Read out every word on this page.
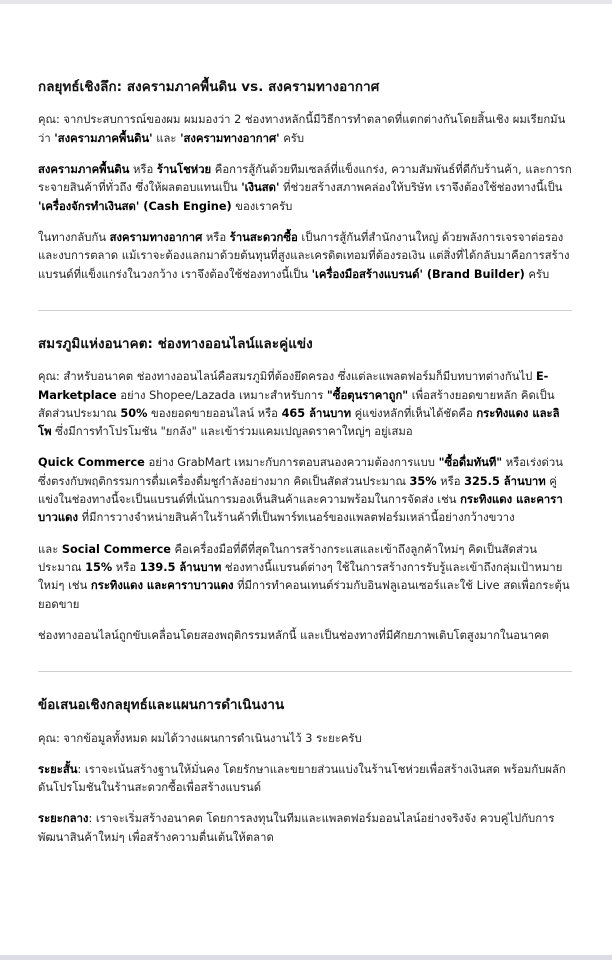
กลยุทธ์เชิงลึก: สงครามภาคพื้นดิน vs. สงครามทางอากาศ

คุณ: จากประสบการณ์ของผม ผมมองว่า 2 ช่องทางหลักนี้มีวิธีการทำตลาดที่แตกต่างกันโดยสิ้นเชิง ผมเรียกมันว่า 'สงครามภาคพื้นดิน' และ 'สงครามทางอากาศ' ครับ

สงครามภาคพื้นดิน หรือ ร้านโชห่วย คือการสู้กันด้วยทีมเซลล์ที่แข็งแกร่ง, ความสัมพันธ์ที่ดีกับร้านค้า, และการกระจายสินค้าที่ทั่วถึง ซึ่งให้ผลตอบแทนเป็น 'เงินสด' ที่ช่วยสร้างสภาพคล่องให้บริษัท เราจึงต้องใช้ช่องทางนี้เป็น 'เครื่องจักรทำเงินสด' (Cash Engine) ของเราครับ

ในทางกลับกัน สงครามทางอากาศ หรือ ร้านสะดวกซื้อ เป็นการสู้กันที่สำนักงานใหญ่ ด้วยพลังการเจรจาต่อรองและงบการตลาด แม้เราจะต้องแลกมาด้วยต้นทุนที่สูงและเครดิตเทอมที่ต้องรอเงิน แต่สิ่งที่ได้กลับมาคือการสร้างแบรนด์ที่แข็งแกร่งในวงกว้าง เราจึงต้องใช้ช่องทางนี้เป็น 'เครื่องมือสร้างแบรนด์' (Brand Builder) ครับ

สมรภูมิแห่งอนาคต: ช่องทางออนไลน์และคู่แข่ง

คุณ: สำหรับอนาคต ช่องทางออนไลน์คือสมรภูมิที่ต้องยึดครอง ซึ่งแต่ละแพลตฟอร์มก็มีบทบาทต่างกันไป E-Marketplace อย่าง Shopee/Lazada เหมาะสำหรับการ "ซื้อตุนราคาถูก" เพื่อสร้างยอดขายหลัก คิดเป็นสัดส่วนประมาณ 50% ของยอดขายออนไลน์ หรือ 465 ล้านบาท คู่แข่งหลักที่เห็นได้ชัดคือ กระทิงแดง และลิโพ ซึ่งมีการทำโปรโมชัน "ยกลัง" และเข้าร่วมแคมเปญลดราคาใหญ่ๆ อยู่เสมอ

Quick Commerce อย่าง GrabMart เหมาะกับการตอบสนองความต้องการแบบ "ซื้อดื่มทันที" หรือเร่งด่วน ซึ่งตรงกับพฤติกรรมการดื่มเครื่องดื่มชูกำลังอย่างมาก คิดเป็นสัดส่วนประมาณ 35% หรือ 325.5 ล้านบาท คู่แข่งในช่องทางนี้จะเป็นแบรนด์ที่เน้นการมองเห็นสินค้าและความพร้อมในการจัดส่ง เช่น กระทิงแดง และคาราบาวแดง ที่มีการวางจำหน่ายสินค้าในร้านค้าที่เป็นพาร์ทเนอร์ของแพลตฟอร์มเหล่านี้อย่างกว้างขวาง

และ Social Commerce คือเครื่องมือที่ดีที่สุดในการสร้างกระแสและเข้าถึงลูกค้าใหม่ๆ คิดเป็นสัดส่วนประมาณ 15% หรือ 139.5 ล้านบาท ช่องทางนี้แบรนด์ต่างๆ ใช้ในการสร้างการรับรู้และเข้าถึงกลุ่มเป้าหมายใหม่ๆ เช่น กระทิงแดง และคาราบาวแดง ที่มีการทำคอนเทนต์ร่วมกับอินฟลูเอนเซอร์และใช้ Live สดเพื่อกระตุ้นยอดขาย

ช่องทางออนไลน์ถูกขับเคลื่อนโดยสองพฤติกรรมหลักนี้ และเป็นช่องทางที่มีศักยภาพเติบโตสูงมากในอนาคต

ข้อเสนอเชิงกลยุทธ์และแผนการดำเนินงาน

คุณ: จากข้อมูลทั้งหมด ผมได้วางแผนการดำเนินงานไว้ 3 ระยะครับ

ระยะสั้น: เราจะเน้นสร้างฐานให้มั่นคง โดยรักษาและขยายส่วนแบ่งในร้านโชห่วยเพื่อสร้างเงินสด พร้อมกับผลักดันโปรโมชันในร้านสะดวกซื้อเพื่อสร้างแบรนด์

ระยะกลาง: เราจะเริ่มสร้างอนาคต โดยการลงทุนในทีมและแพลตฟอร์มออนไลน์อย่างจริงจัง ควบคู่ไปกับการพัฒนาสินค้าใหม่ๆ เพื่อสร้างความตื่นเต้นให้ตลาด
